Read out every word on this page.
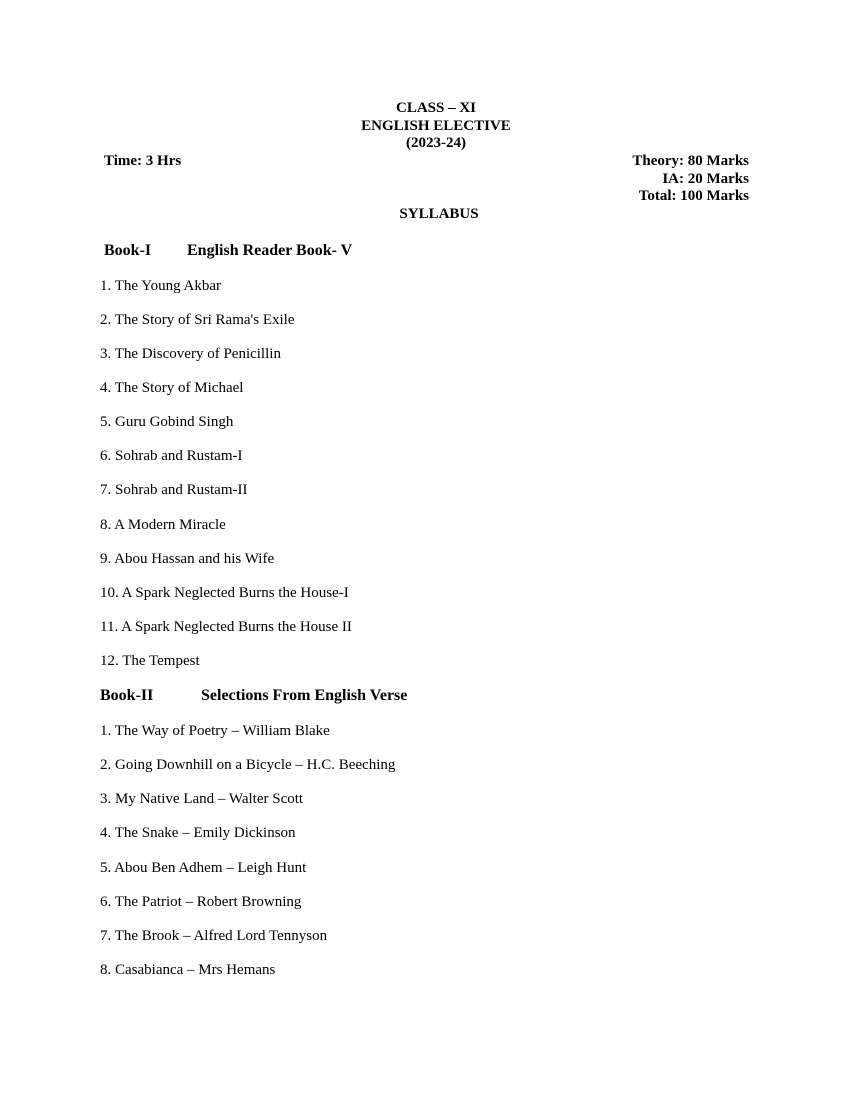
CLASS – XI
ENGLISH ELECTIVE
(2023-24)
Time: 3 Hrs	Theory: 80 Marks
IA: 20 Marks
Total: 100 Marks
SYLLABUS
Book-I English Reader Book- V
1. The Young Akbar
2. The Story of Sri Rama's Exile
3. The Discovery of Penicillin
4. The Story of Michael
5. Guru Gobind Singh
6. Sohrab and Rustam-I
7. Sohrab and Rustam-II
8. A Modern Miracle
9. Abou Hassan and his Wife
10. A Spark Neglected Burns the House-I
11. A Spark Neglected Burns the House II
12. The Tempest
Book-II	Selections From English Verse
1. The Way of Poetry – William Blake
2. Going Downhill on a Bicycle – H.C. Beeching
3. My Native Land – Walter Scott
4. The Snake – Emily Dickinson
5. Abou Ben Adhem – Leigh Hunt
6. The Patriot – Robert Browning
7. The Brook – Alfred Lord Tennyson
8. Casabianca – Mrs Hemans
